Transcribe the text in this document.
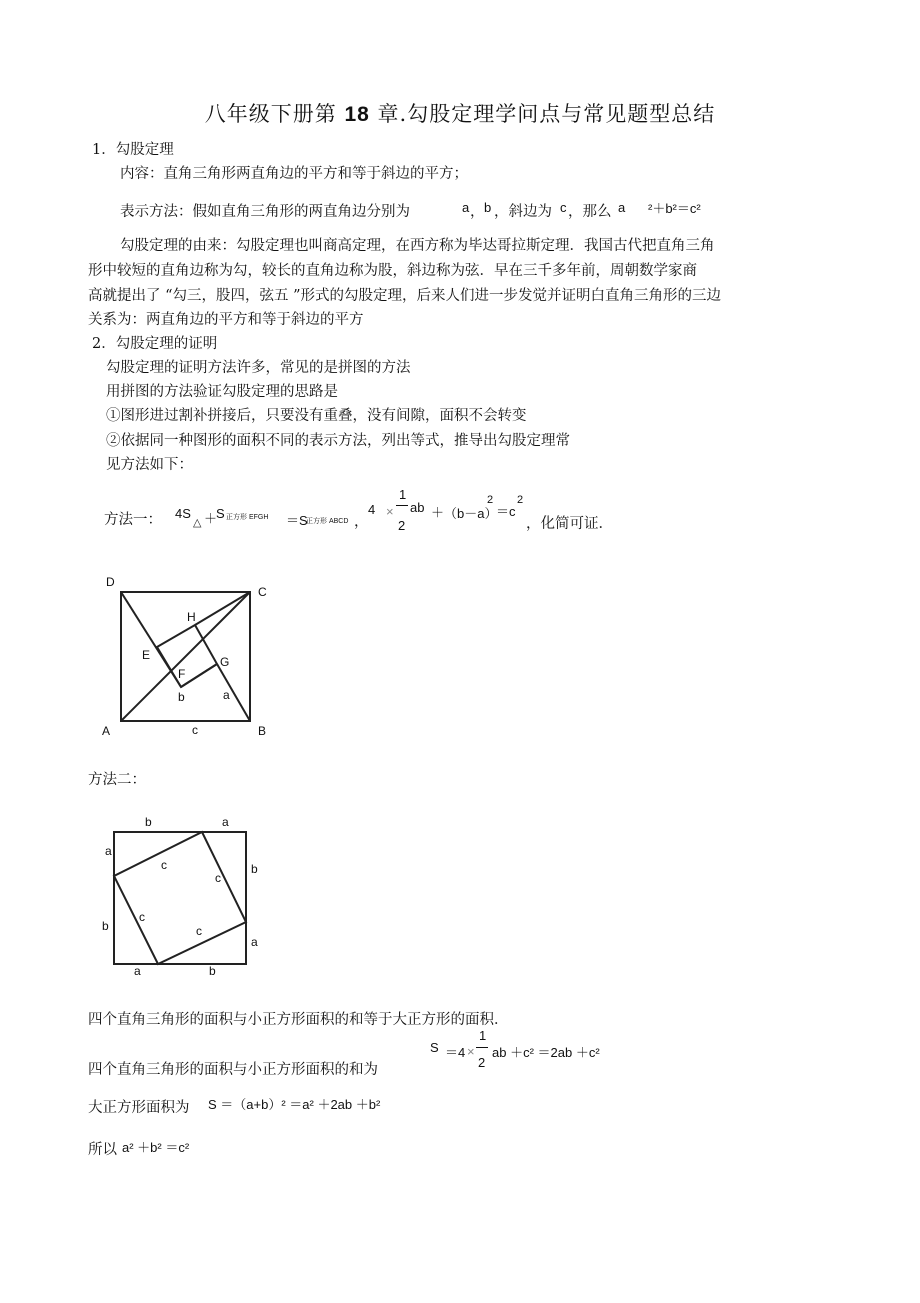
八年级下册第 18 章.勾股定理学问点与常见题型总结
1．勾股定理
内容：直角三角形两直角边的平方和等于斜边的平方；
表示方法：假如直角三角形的两直角边分别为	a ， b ，斜边为 c ，那么 a ²＋b²＝c²
勾股定理的由来：勾股定理也叫商高定理，在西方称为毕达哥拉斯定理．我国古代把直角三角
形中较短的直角边称为勾，较长的直角边称为股，斜边称为弦．早在三千多年前，周朝数学家商
高就提出了 “勾三，股四，弦五 ”形式的勾股定理，后来人们进一步发觉并证明白直角三角形的三边
关系为：两直角边的平方和等于斜边的平方
2．勾股定理的证明
勾股定理的证明方法许多，常见的是拼图的方法
用拼图的方法验证勾股定理的思路是
①图形进过割补拼接后，只要没有重叠，没有间隙，面积不会转变
②依据同一种图形的面积不同的表示方法，列出等式，推导出勾股定理常
见方法如下：
方法一： 4S
△ ＋
S 正方形 EFGH ＝S
正方形 ABCD ，
4 ×
1
2
ab ＋ （b－a）
2
＝c
2
，化简可证．
D
C
H
E	G
F
b	a
A	c	B
方法二：
b	a
a
c
c
b
c
b	c
a
a	b
四个直角三角形的面积与小正方形面积的和等于大正方形的面积．
S ＝4 ×
1
2
ab ＋c² ＝2ab ＋c²
四个直角三角形的面积与小正方形面积的和为
大正方形面积为 S ＝（a+b）² ＝a² ＋2ab ＋b²
所以 a² ＋b² ＝c²
